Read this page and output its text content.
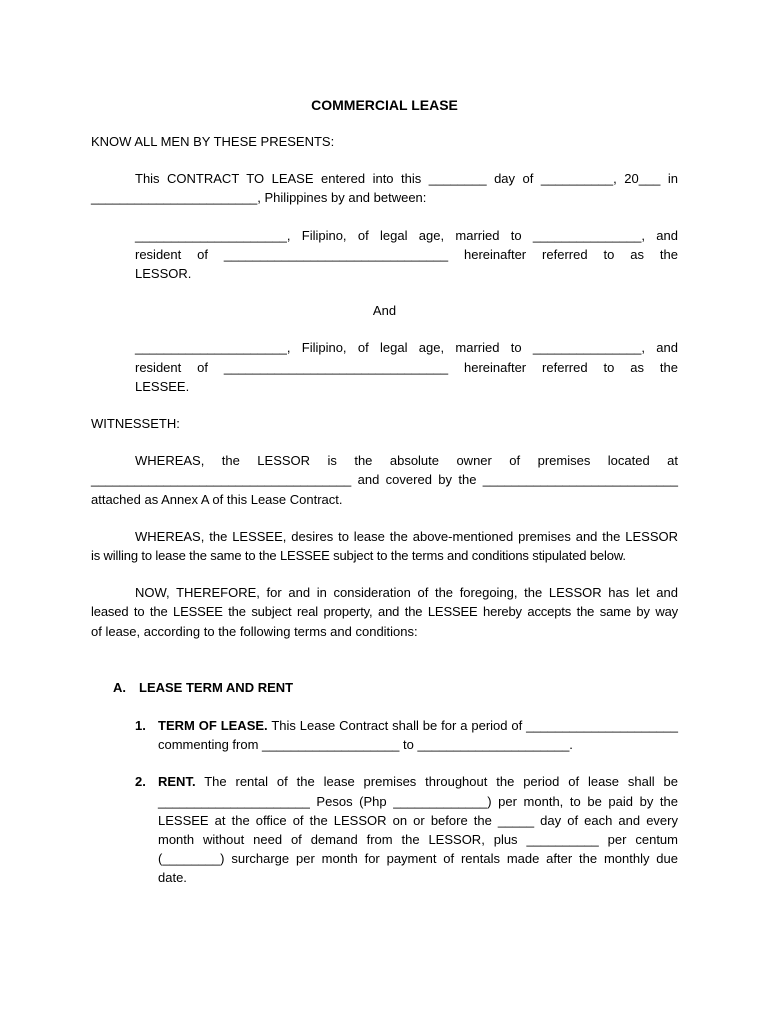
COMMERCIAL LEASE

KNOW ALL MEN BY THESE PRESENTS:

This CONTRACT TO LEASE entered into this ________ day of __________, 20___ in
_______________________, Philippines by and between:
_____________________, Filipino, of legal age, married to _______________, and
resident of _______________________________ hereinafter referred to as the
LESSOR.

And

_____________________, Filipino, of legal age, married to _______________, and
resident of _______________________________ hereinafter referred to as the
LESSEE.

WITNESSETH:

WHEREAS, the LESSOR is the absolute owner of premises located at
____________________________________ and covered by the ___________________________
attached as Annex A of this Lease Contract.
WHEREAS, the LESSEE, desires to lease the above-mentioned premises and the LESSOR
is willing to lease the same to the LESSEE subject to the terms and conditions stipulated below.
NOW, THEREFORE, for and in consideration of the foregoing, the LESSOR has let and
leased to the LESSEE the subject real property, and the LESSEE hereby accepts the same by way
of lease, according to the following terms and conditions:

A. LEASE TERM AND RENT

1. TERM OF LEASE. This Lease Contract shall be for a period of _____________________
commenting from ___________________ to _____________________.
2. RENT. The rental of the lease premises throughout the period of lease shall be
_____________________ Pesos (Php _____________) per month, to be paid by the
LESSEE at the office of the LESSOR on or before the _____ day of each and every
month without need of demand from the LESSOR, plus __________ per centum
(________) surcharge per month for payment of rentals made after the monthly due
date.
